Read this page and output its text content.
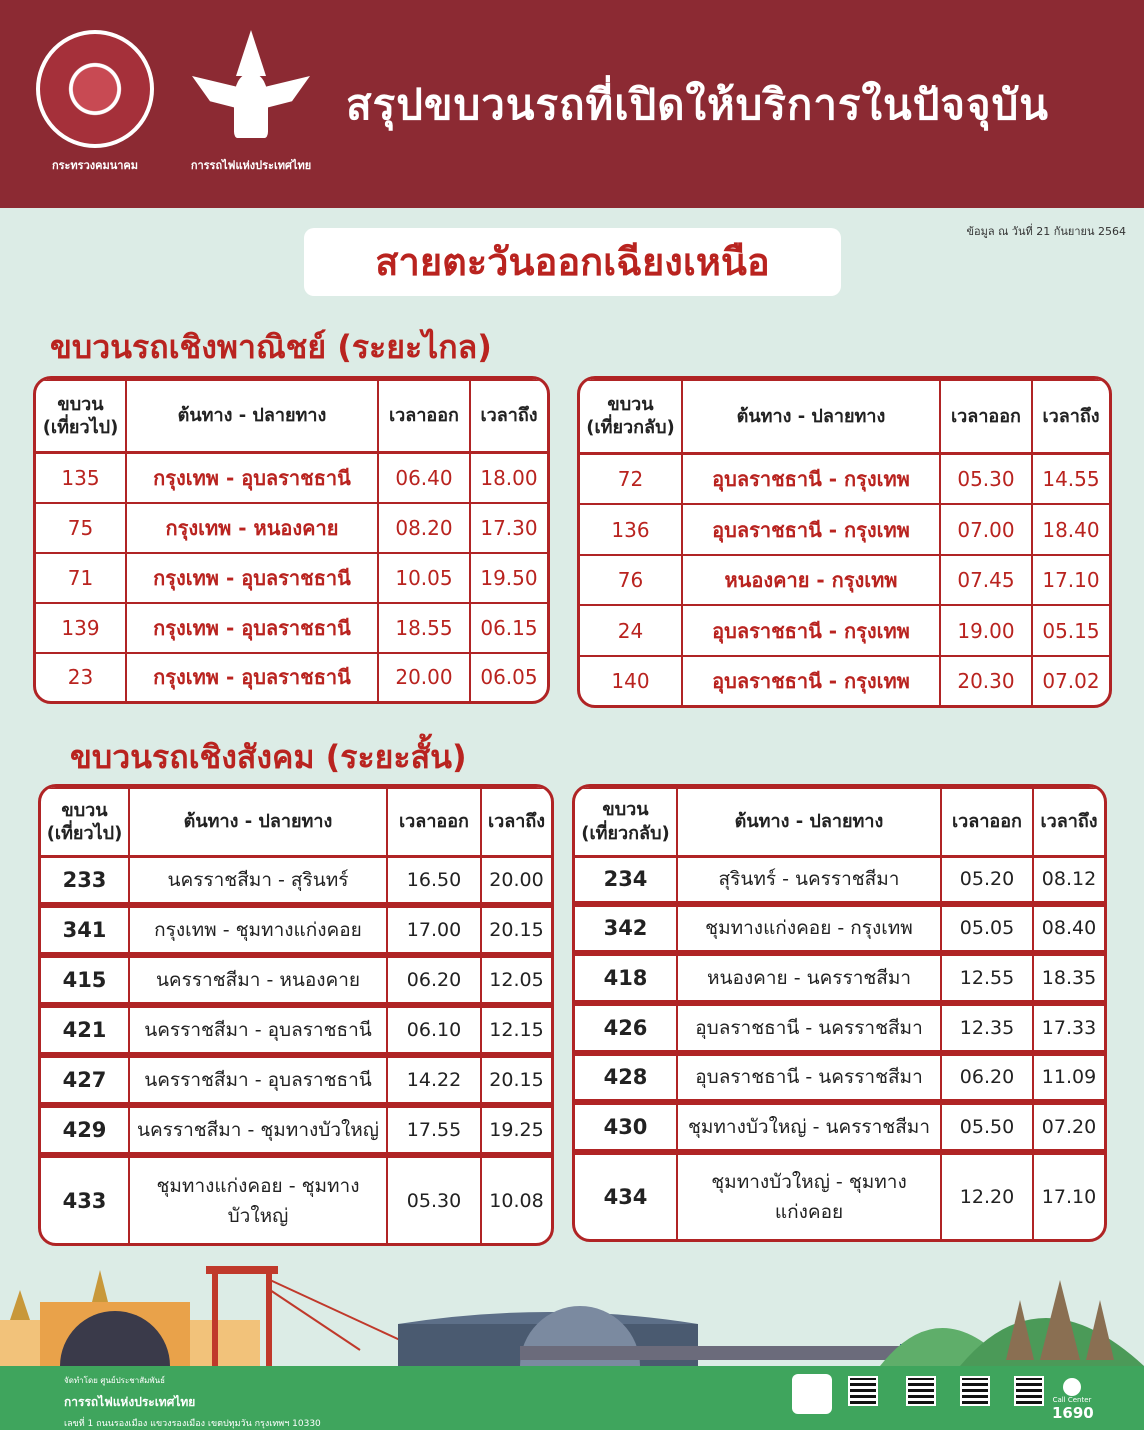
กระทรวงคมนาคม	การรถไฟแห่งประเทศไทย
สรุปขบวนรถที่เปิดให้บริการในปัจจุบัน
ข้อมูล ณ วันที่ 21 กันยายน 2564
สายตะวันออกเฉียงเหนือ
ขบวนรถเชิงพาณิชย์ (ระยะไกล)
ขบวน
(เที่ยวไป)	ต้นทาง - ปลายทาง	เวลาออก	เวลาถึง
135	กรุงเทพ - อุบลราชธานี	06.40	18.00
75	กรุงเทพ - หนองคาย	08.20	17.30
71	กรุงเทพ - อุบลราชธานี	10.05	19.50
139	กรุงเทพ - อุบลราชธานี	18.55	06.15
23	กรุงเทพ - อุบลราชธานี	20.00	06.05
ขบวน
(เที่ยวกลับ)	ต้นทาง - ปลายทาง	เวลาออก	เวลาถึง
72	อุบลราชธานี - กรุงเทพ	05.30	14.55
136	อุบลราชธานี - กรุงเทพ	07.00	18.40
76	หนองคาย - กรุงเทพ	07.45	17.10
24	อุบลราชธานี - กรุงเทพ	19.00	05.15
140	อุบลราชธานี - กรุงเทพ	20.30	07.02
ขบวนรถเชิงสังคม (ระยะสั้น)
ขบวน
(เที่ยวไป)	ต้นทาง - ปลายทาง	เวลาออก	เวลาถึง
233	นครราชสีมา - สุรินทร์	16.50	20.00
341	กรุงเทพ - ชุมทางแก่งคอย	17.00	20.15
415	นครราชสีมา - หนองคาย	06.20	12.05
421	นครราชสีมา - อุบลราชธานี	06.10	12.15
427	นครราชสีมา - อุบลราชธานี	14.22	20.15
429	นครราชสีมา - ชุมทางบัวใหญ่	17.55	19.25
433	ชุมทางแก่งคอย - ชุมทางบัวใหญ่	05.30	10.08
ขบวน
(เที่ยวกลับ)	ต้นทาง - ปลายทาง	เวลาออก	เวลาถึง
234	สุรินทร์ - นครราชสีมา	05.20	08.12
342	ชุมทางแก่งคอย - กรุงเทพ	05.05	08.40
418	หนองคาย - นครราชสีมา	12.55	18.35
426	อุบลราชธานี - นครราชสีมา	12.35	17.33
428	อุบลราชธานี - นครราชสีมา	06.20	11.09
430	ชุมทางบัวใหญ่ - นครราชสีมา	05.50	07.20
434	ชุมทางบัวใหญ่ - ชุมทางแก่งคอย	12.20	17.10
จัดทำโดย ศูนย์ประชาสัมพันธ์
การรถไฟแห่งประเทศไทย
เลขที่ 1 ถนนรองเมือง แขวงรองเมือง เขตปทุมวัน กรุงเทพฯ 10330
Call Center
1690
